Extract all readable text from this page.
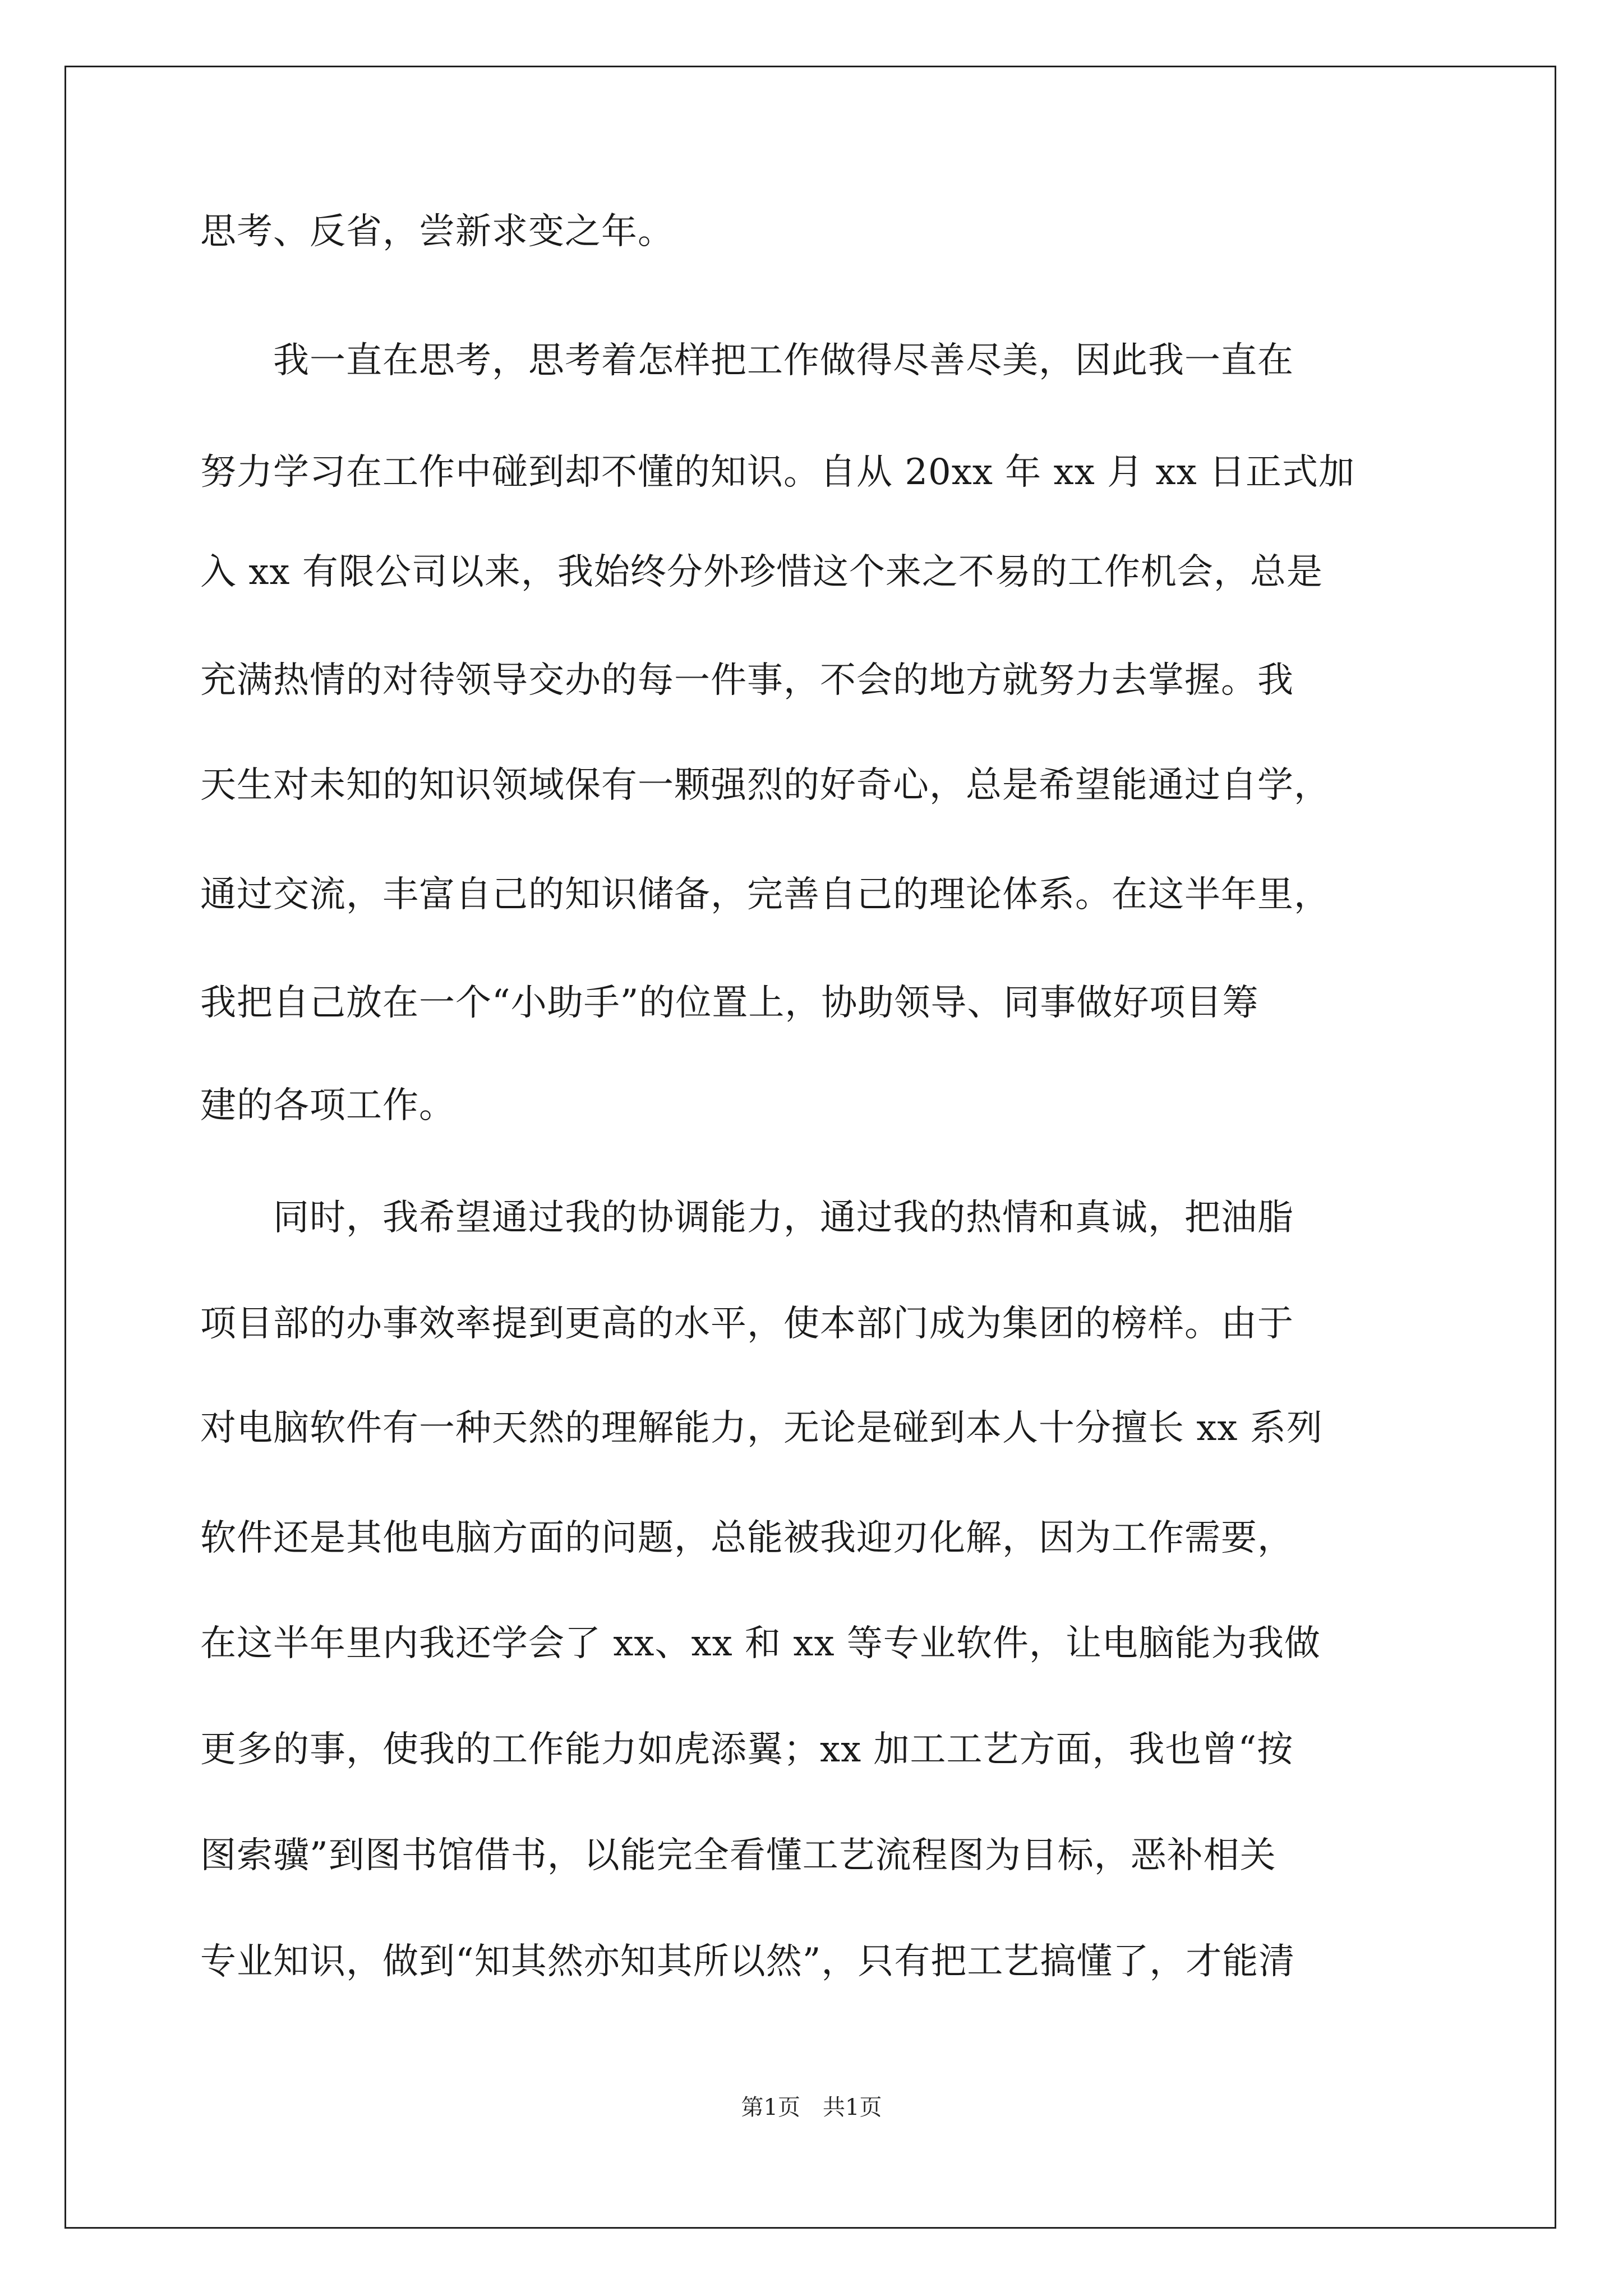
思考、反省，尝新求变之年。
　　我一直在思考，思考着怎样把工作做得尽善尽美，因此我一直在
努力学习在工作中碰到却不懂的知识。自从 20xx 年 xx 月 xx 日正式加
入 xx 有限公司以来，我始终分外珍惜这个来之不易的工作机会，总是
充满热情的对待领导交办的每一件事，不会的地方就努力去掌握。我
天生对未知的知识领域保有一颗强烈的好奇心，总是希望能通过自学，
通过交流，丰富自己的知识储备，完善自己的理论体系。在这半年里，
我把自己放在一个“小助手”的位置上，协助领导、同事做好项目筹
建的各项工作。
　　同时，我希望通过我的协调能力，通过我的热情和真诚，把油脂
项目部的办事效率提到更高的水平，使本部门成为集团的榜样。由于
对电脑软件有一种天然的理解能力，无论是碰到本人十分擅长 xx 系列
软件还是其他电脑方面的问题，总能被我迎刃化解，因为工作需要，
在这半年里内我还学会了 xx、xx 和 xx 等专业软件，让电脑能为我做
更多的事，使我的工作能力如虎添翼；xx 加工工艺方面，我也曾“按
图索骥”到图书馆借书，以能完全看懂工艺流程图为目标，恶补相关
专业知识，做到“知其然亦知其所以然”，只有把工艺搞懂了，才能清
第1页　共1页
